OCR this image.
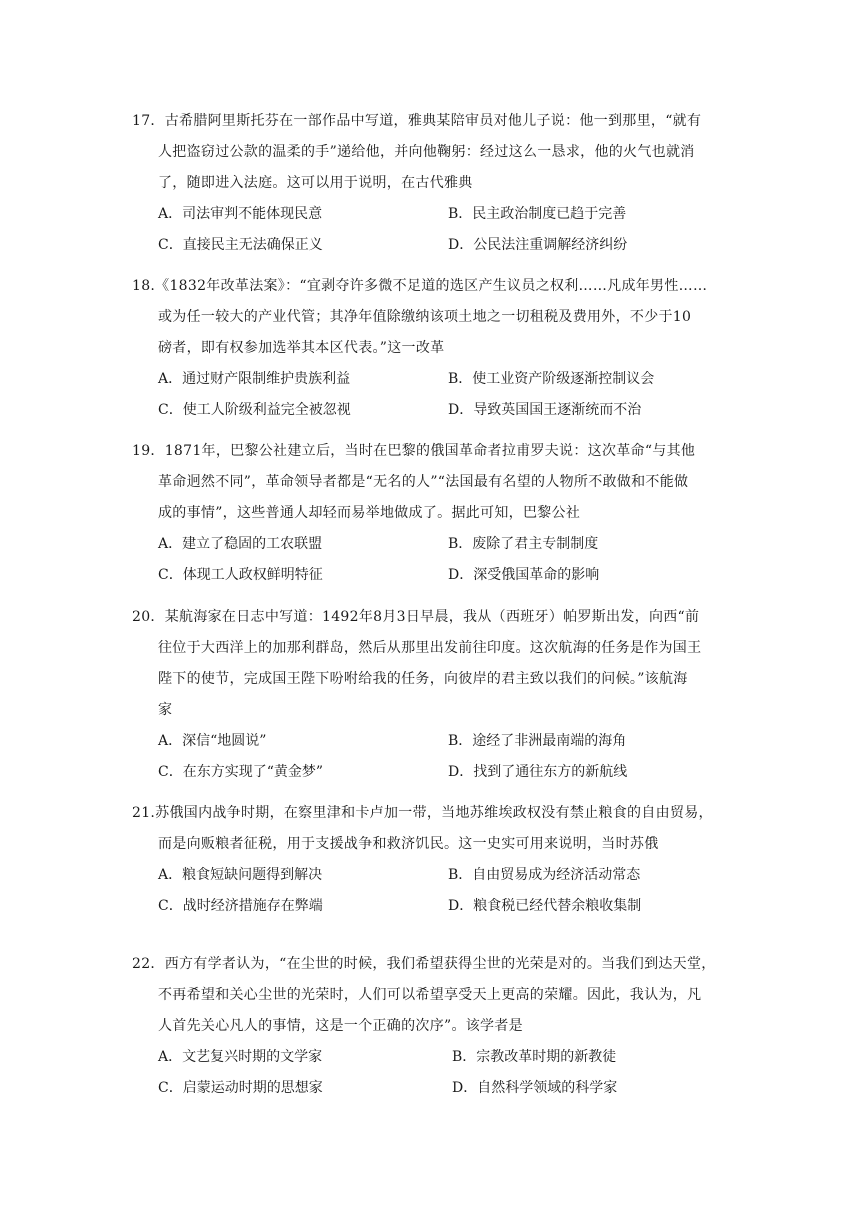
17．古希腊阿里斯托芬在一部作品中写道，雅典某陪审员对他儿子说：他一到那里，“就有
人把盗窃过公款的温柔的手”递给他，并向他鞠躬：经过这么一恳求，他的火气也就消
了，随即进入法庭。这可以用于说明，在古代雅典
A．司法审判不能体现民意	B．民主政治制度已趋于完善
C．直接民主无法确保正义	D．公民法注重调解经济纠纷
18.《1832年改革法案》：“宜剥夺许多微不足道的选区产生议员之权利……凡成年男性……
或为任一较大的产业代管；其净年值除缴纳该项土地之一切租税及费用外，不少于10
磅者，即有权参加选举其本区代表。”这一改革
A．通过财产限制维护贵族利益	B．使工业资产阶级逐渐控制议会
C．使工人阶级利益完全被忽视	D．导致英国国王逐渐统而不治
19．1871年，巴黎公社建立后，当时在巴黎的俄国革命者拉甫罗夫说：这次革命“与其他
革命迥然不同”，革命领导者都是“无名的人”“法国最有名望的人物所不敢做和不能做
成的事情”，这些普通人却轻而易举地做成了。据此可知，巴黎公社
A．建立了稳固的工农联盟	B．废除了君主专制制度
C．体现工人政权鲜明特征	D．深受俄国革命的影响
20．某航海家在日志中写道：1492年8月3日早晨，我从（西班牙）帕罗斯出发，向西“前
往位于大西洋上的加那利群岛，然后从那里出发前往印度。这次航海的任务是作为国王
陛下的使节，完成国王陛下吩咐给我的任务，向彼岸的君主致以我们的问候。”该航海
家
A．深信“地圆说”	B．途经了非洲最南端的海角
C．在东方实现了“黄金梦”	D．找到了通往东方的新航线
21.苏俄国内战争时期，在察里津和卡卢加一带，当地苏维埃政权没有禁止粮食的自由贸易，
而是向贩粮者征税，用于支援战争和救济饥民。这一史实可用来说明，当时苏俄
A．粮食短缺问题得到解决	B．自由贸易成为经济活动常态
C．战时经济措施存在弊端	D．粮食税已经代替余粮收集制
22．西方有学者认为，“在尘世的时候，我们希望获得尘世的光荣是对的。当我们到达天堂，
不再希望和关心尘世的光荣时，人们可以希望享受天上更高的荣耀。因此，我认为，凡
人首先关心凡人的事情，这是一个正确的次序”。该学者是
A．文艺复兴时期的文学家	B．宗教改革时期的新教徒
C．启蒙运动时期的思想家	D．自然科学领域的科学家
